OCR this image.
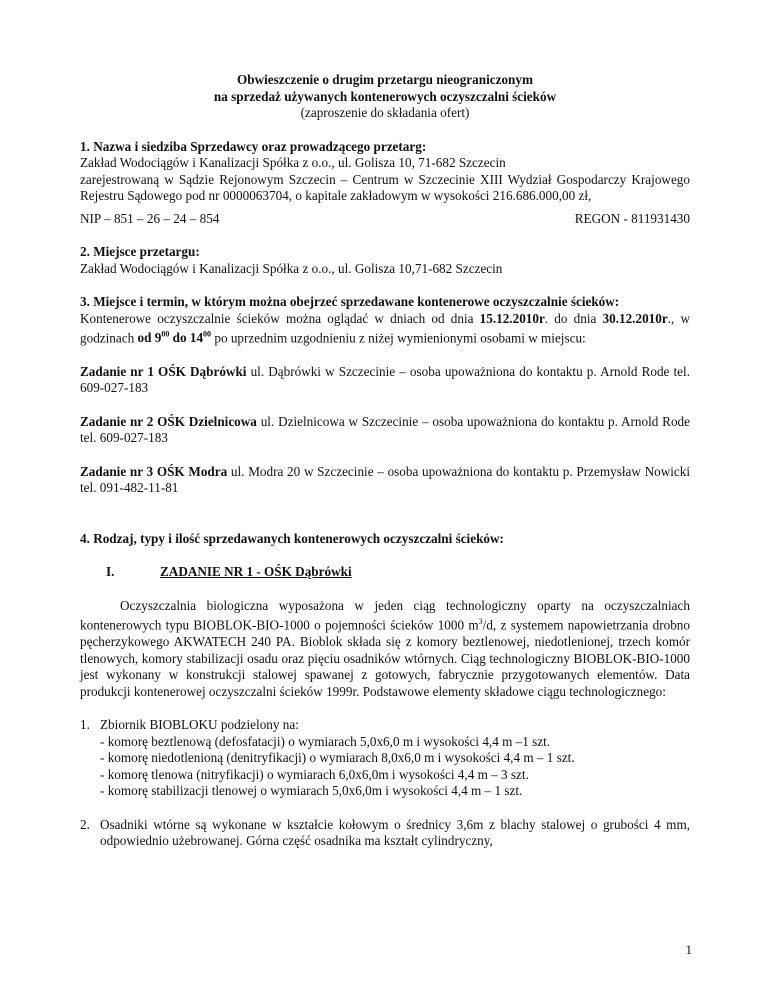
Obwieszczenie o drugim przetargu nieograniczonym
na sprzedaż używanych kontenerowych oczyszczalni ścieków
(zaproszenie do składania ofert)
1. Nazwa i siedziba Sprzedawcy oraz prowadzącego przetarg:
Zakład Wodociągów i Kanalizacji Spółka z o.o., ul. Golisza 10, 71-682 Szczecin

zarejestrowaną w Sądzie Rejonowym Szczecin – Centrum w Szczecinie XIII Wydział Gospodarczy Krajowego Rejestru Sądowego pod nr 0000063704, o kapitale zakładowym w wysokości 216.686.000,00 zł,

NIP – 851 – 26 – 24 – 854	REGON - 811931430
2. Miejsce przetargu:
Zakład Wodociągów i Kanalizacji Spółka z o.o., ul. Golisza 10,71-682 Szczecin
3. Miejsce i termin, w którym można obejrzeć sprzedawane kontenerowe oczyszczalnie ścieków:

Kontenerowe oczyszczalnie ścieków można oglądać w dniach od dnia 15.12.2010r. do dnia 30.12.2010r., w godzinach od $9^{00}$ do $14^{00}$ po uprzednim uzgodnieniu z niżej wymienionymi osobami w miejscu:

Zadanie nr 1 OŚK Dąbrówki ul. Dąbrówki w Szczecinie – osoba upoważniona do kontaktu p. Arnold Rode tel. 609-027-183

Zadanie nr 2 OŚK Dzielnicowa ul. Dzielnicowa w Szczecinie – osoba upoważniona do kontaktu p. Arnold Rode tel. 609-027-183

Zadanie nr 3 OŚK Modra ul. Modra 20 w Szczecinie – osoba upoważniona do kontaktu p. Przemysław Nowicki tel. 091-482-11-81

4. Rodzaj, typy i ilość sprzedawanych kontenerowych oczyszczalni ścieków:
I.	ZADANIE NR 1 - OŚK Dąbrówki

Oczyszczalnia biologiczna wyposażona w jeden ciąg technologiczny oparty na oczyszczalniach kontenerowych typu BIOBLOK-BIO-1000 o pojemności ścieków 1000 $m^3/d$, z systemem napowietrzania drobno pęcherzykowego AKWATECH 240 PA. Bioblok składa się z komory beztlenowej, niedotlenionej, trzech komór tlenowych, komory stabilizacji osadu oraz pięciu osadników wtórnych. Ciąg technologiczny BIOBLOK-BIO-1000 jest wykonany w konstrukcji stalowej spawanej z gotowych, fabrycznie przygotowanych elementów. Data produkcji kontenerowej oczyszczalni ścieków 1999r. Podstawowe elementy składowe ciągu technologicznego:

1. Zbiornik BIOBLOKU podzielony na:
- komorę beztlenową (defosfatacji) o wymiarach 5,0x6,0 m i wysokości 4,4 m –1 szt.
- komorę niedotlenioną (denitryfikacji) o wymiarach 8,0x6,0 m i wysokości 4,4 m – 1 szt.
- komorę tlenowa (nitryfikacji) o wymiarach 6,0x6,0m i wysokości 4,4 m – 3 szt.
- komorę stabilizacji tlenowej o wymiarach 5,0x6,0m i wysokości 4,4 m – 1 szt.
2. Osadniki wtórne są wykonane w kształcie kołowym o średnicy 3,6m z blachy stalowej o grubości 4 mm, odpowiednio użebrowanej. Górna część osadnika ma kształt cylindryczny,

1
